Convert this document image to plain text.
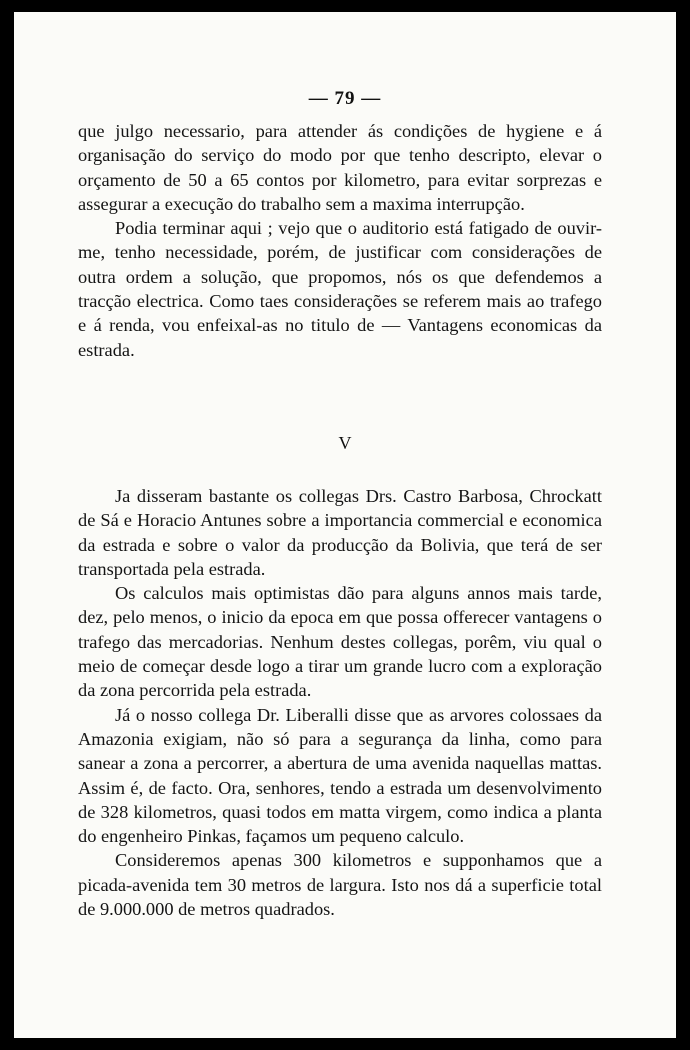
— 79 —

que julgo necessario, para attender ás condições de hygiene e á organisação do serviço do modo por que tenho descripto, elevar o orçamento de 50 a 65 contos por kilometro, para evitar sorprezas e assegurar a execução do trabalho sem a maxima interrupção.

Podia terminar aqui ; vejo que o auditorio está fatigado de ouvir-me, tenho necessidade, porém, de justificar com considerações de outra ordem a solução, que propomos, nós os que defendemos a tracção electrica. Como taes considerações se referem mais ao trafego e á renda, vou enfeixal-as no titulo de — Vantagens economicas da estrada.

V

Ja disseram bastante os collegas Drs. Castro Barbosa, Chrockatt de Sá e Horacio Antunes sobre a importancia commercial e economica da estrada e sobre o valor da producção da Bolivia, que terá de ser transportada pela estrada.

Os calculos mais optimistas dão para alguns annos mais tarde, dez, pelo menos, o inicio da epoca em que possa offerecer vantagens o trafego das mercadorias. Nenhum destes collegas, porêm, viu qual o meio de começar desde logo a tirar um grande lucro com a exploração da zona percorrida pela estrada.

Já o nosso collega Dr. Liberalli disse que as arvores colossaes da Amazonia exigiam, não só para a segurança da linha, como para sanear a zona a percorrer, a abertura de uma avenida naquellas mattas. Assim é, de facto. Ora, senhores, tendo a estrada um desenvolvimento de 328 kilometros, quasi todos em matta virgem, como indica a planta do engenheiro Pinkas, façamos um pequeno calculo.

Consideremos apenas 300 kilometros e supponhamos que a picada-avenida tem 30 metros de largura. Isto nos dá a superficie total de 9.000.000 de metros quadrados.
